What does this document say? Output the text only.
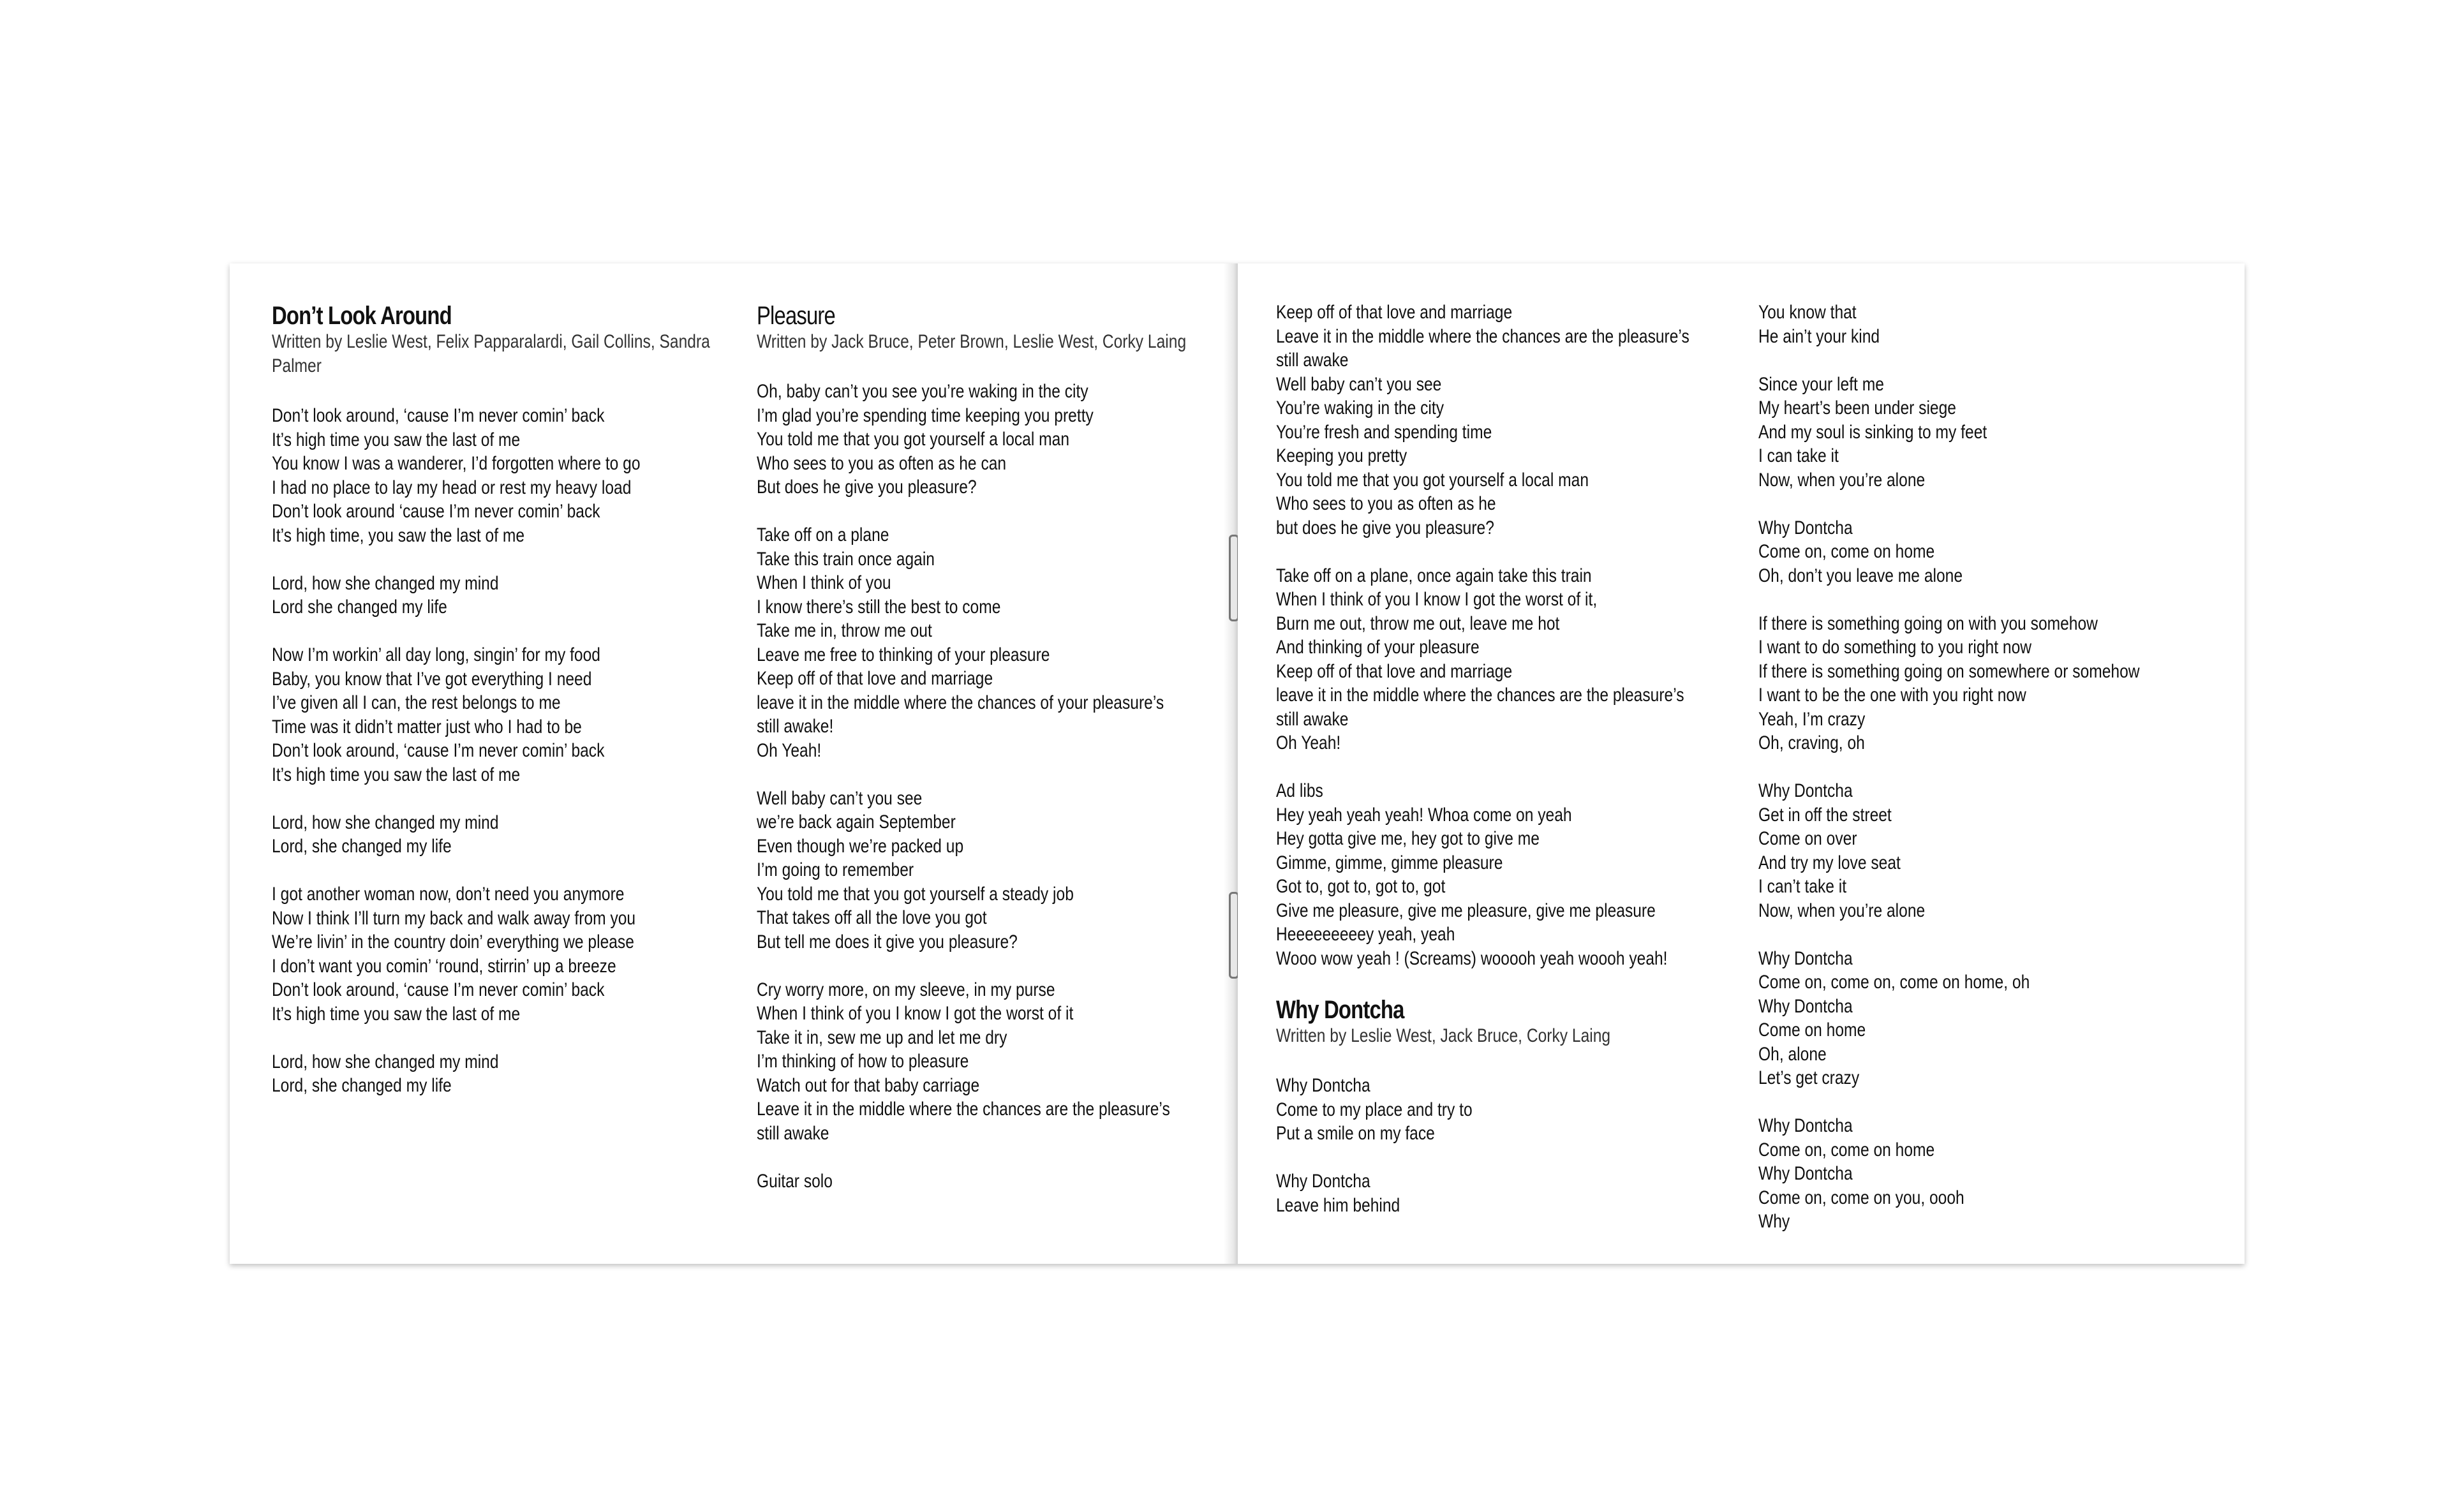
Don’t Look Around
Written by Leslie West, Felix Papparalardi, Gail Collins, Sandra Palmer
Don’t look around, ‘cause I’m never comin’ back
It’s high time you saw the last of me
You know I was a wanderer, I’d forgotten where to go
I had no place to lay my head or rest my heavy load
Don’t look around ‘cause I’m never comin’ back
It’s high time, you saw the last of me

Lord, how she changed my mind
Lord she changed my life

Now I’m workin’ all day long, singin’ for my food
Baby, you know that I’ve got everything I need
I’ve given all I can, the rest belongs to me
Time was it didn’t matter just who I had to be
Don’t look around, ‘cause I’m never comin’ back
It’s high time you saw the last of me

Lord, how she changed my mind
Lord, she changed my life

I got another woman now, don’t need you anymore
Now I think I’ll turn my back and walk away from you
We’re livin’ in the country doin’ everything we please
I don’t want you comin’ ‘round, stirrin’ up a breeze
Don’t look around, ‘cause I’m never comin’ back
It’s high time you saw the last of me

Lord, how she changed my mind
Lord, she changed my life
Pleasure
Written by Jack Bruce, Peter Brown, Leslie West, Corky Laing
Oh, baby can’t you see you’re waking in the city
I’m glad you’re spending time keeping you pretty
You told me that you got yourself a local man
Who sees to you as often as he can
But does he give you pleasure?

Take off on a plane
Take this train once again
When I think of you
I know there’s still the best to come
Take me in, throw me out
Leave me free to thinking of your pleasure
Keep off of that love and marriage
leave it in the middle where the chances of your pleasure’s
still awake!
Oh Yeah!

Well baby can’t you see
we’re back again September
Even though we’re packed up
I’m going to remember
You told me that you got yourself a steady job
That takes off all the love you got
But tell me does it give you pleasure?

Cry worry more, on my sleeve, in my purse
When I think of you I know I got the worst of it
Take it in, sew me up and let me dry
I’m thinking of how to pleasure
Watch out for that baby carriage
Leave it in the middle where the chances are the pleasure’s
still awake

Guitar solo
Keep off of that love and marriage
Leave it in the middle where the chances are the pleasure’s
still awake
Well baby can’t you see
You’re waking in the city
You’re fresh and spending time
Keeping you pretty
You told me that you got yourself a local man
Who sees to you as often as he
but does he give you pleasure?

Take off on a plane, once again take this train
When I think of you I know I got the worst of it,
Burn me out, throw me out, leave me hot
And thinking of your pleasure
Keep off of that love and marriage
leave it in the middle where the chances are the pleasure’s
still awake
Oh Yeah!

Ad libs
Hey yeah yeah yeah! Whoa come on yeah
Hey gotta give me, hey got to give me
Gimme, gimme, gimme pleasure
Got to, got to, got to, got
Give me pleasure, give me pleasure, give me pleasure
Heeeeeeeeey yeah, yeah
Wooo wow yeah ! (Screams) wooooh yeah woooh yeah!
Why Dontcha
Written by Leslie West, Jack Bruce, Corky Laing
Why Dontcha
Come to my place and try to
Put a smile on my face

Why Dontcha
Leave him behind
You know that
He ain’t your kind

Since your left me
My heart’s been under siege
And my soul is sinking to my feet
I can take it
Now, when you’re alone

Why Dontcha
Come on, come on home
Oh, don’t you leave me alone

If there is something going on with you somehow
I want to do something to you right now
If there is something going on somewhere or somehow
I want to be the one with you right now
Yeah, I’m crazy
Oh, craving, oh

Why Dontcha
Get in off the street
Come on over
And try my love seat
I can’t take it
Now, when you’re alone

Why Dontcha
Come on, come on, come on home, oh
Why Dontcha
Come on home
Oh, alone
Let’s get crazy

Why Dontcha
Come on, come on home
Why Dontcha
Come on, come on you, oooh
Why
